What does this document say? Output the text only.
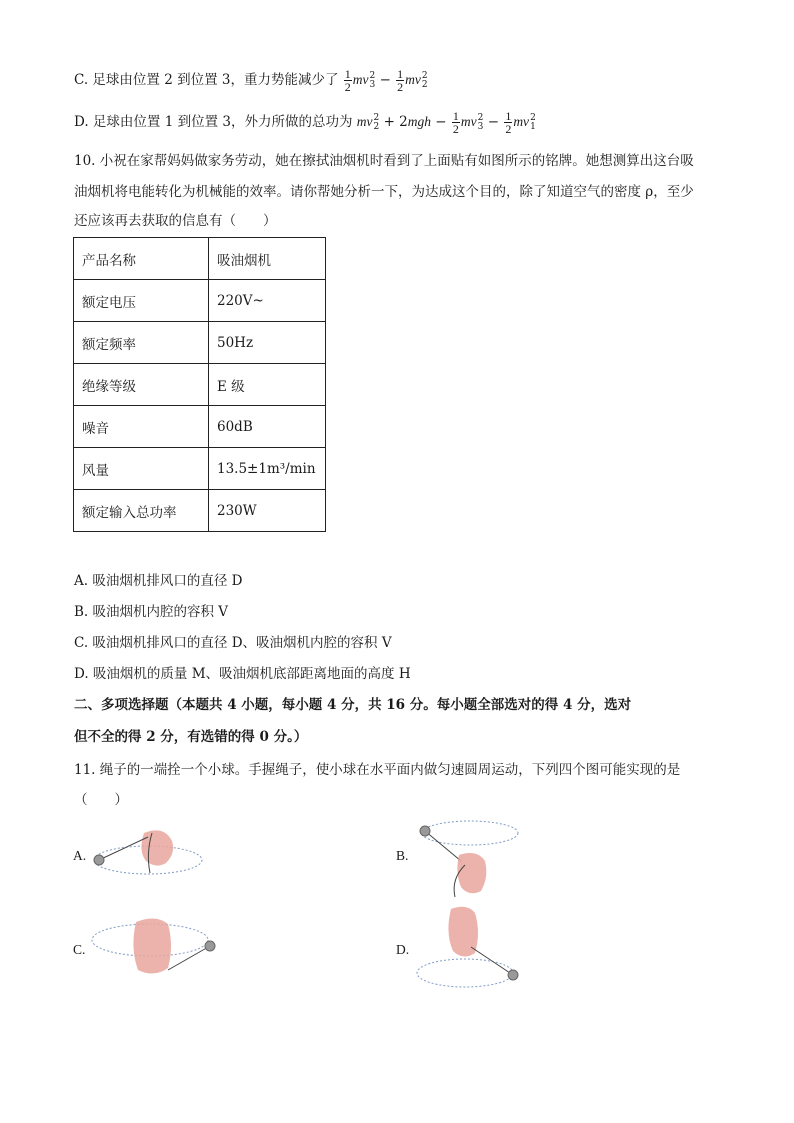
C. 足球由位置 2 到位置 3，重力势能减少了 $\frac{1}{2}$ mv 2
$3 - \frac{1}{2}$ mv 2
2
D. 足球由位置 1 到位置 3，外力所做的总功为 mv 2
$2 + 2mgh - \frac{1}{2}$ mv 2
$3 - \frac{1}{2}$ mv 2
1
10. 小祝在家帮妈妈做家务劳动，她在擦拭油烟机时看到了上面贴有如图所示的铭牌。她想测算出这台吸
油烟机将电能转化为机械能的效率。请你帮她分析一下，为达成这个目的，除了知道空气的密度 ρ，至少
还应该再去获取的信息有（　　）
产品名称	吸油烟机
额定电压	220V~
额定频率	50Hz
绝缘等级	E 级
噪音	60dB
风量	13.5±1m³/min
额定输入总功率	230W
A. 吸油烟机排风口的直径 D
B. 吸油烟机内腔的容积 V
C. 吸油烟机排风口的直径 D、吸油烟机内腔的容积 V
D. 吸油烟机的质量 M、吸油烟机底部距离地面的高度 H
二、多项选择题（本题共 4 小题，每小题 4 分，共 16 分。每小题全部选对的得 4 分，选对
但不全的得 2 分，有选错的得 0 分。）
11. 绳子的一端拴一个小球。手握绳子，使小球在水平面内做匀速圆周运动，下列四个图可能实现的是
（　　）
A.	B.
C.	D.
